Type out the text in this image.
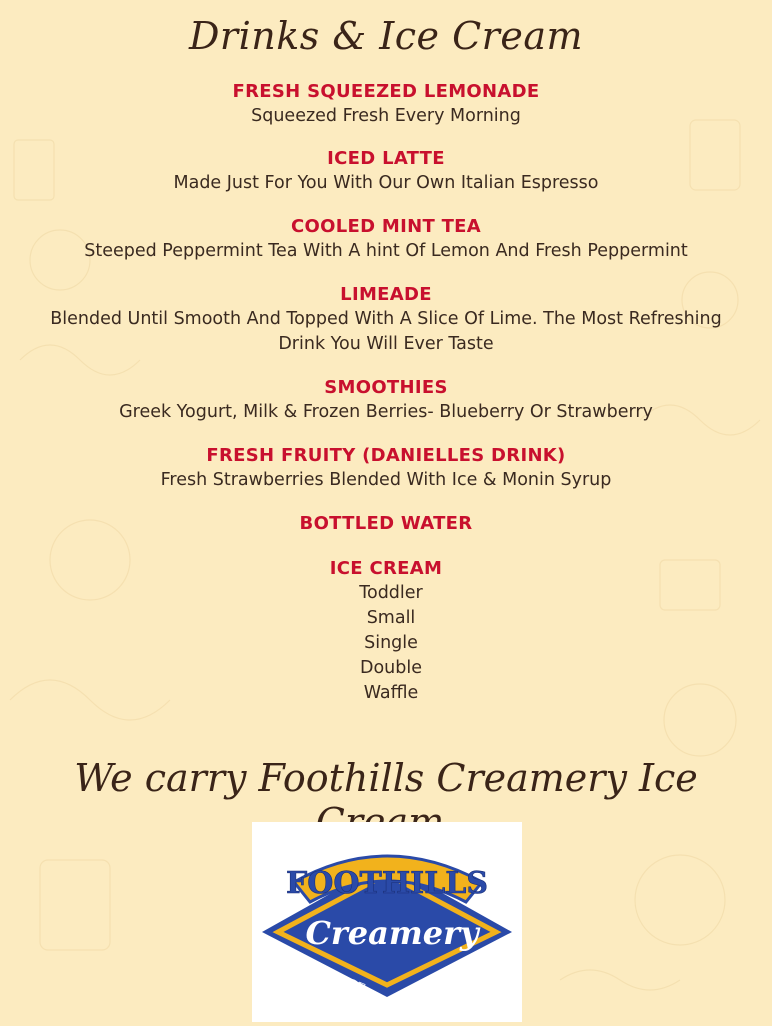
Drinks & Ice Cream
FRESH SQUEEZED LEMONADE
Squeezed Fresh Every Morning
ICED LATTE
Made Just For You With Our Own Italian Espresso
COOLED MINT TEA
Steeped Peppermint Tea With A hint Of Lemon And Fresh Peppermint
LIMEADE
Blended Until Smooth And Topped With A Slice Of Lime. The Most Refreshing
Drink You Will Ever Taste
SMOOTHIES
Greek Yogurt, Milk & Frozen Berries- Blueberry Or Strawberry
FRESH FRUITY (DANIELLES DRINK)
Fresh Strawberries Blended With Ice & Monin Syrup
BOTTLED WATER
ICE CREAM
Toddler
Small
Single
Double
Waffle
We carry Foothills Creamery Ice
FOOTHILLS
Creamery
SINCE	1969
